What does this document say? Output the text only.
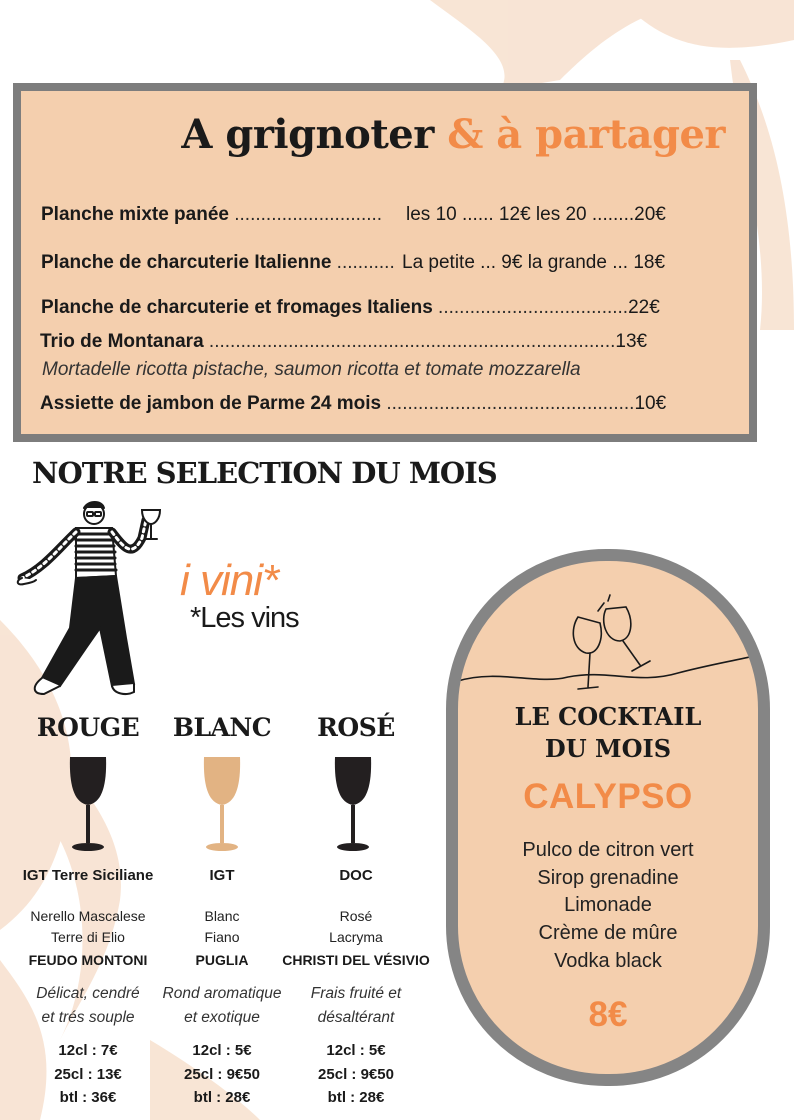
A grignoter & à partager
Planche mixte panée ............................ les 10 ...... 12€ les 20 ........20€
Planche de charcuterie Italienne ........... La petite ... 9€ la grande ... 18€
Planche de charcuterie et fromages Italiens ....................................22€
Trio de Montanara .............................................................................13€
Mortadelle ricotta pistache, saumon ricotta et tomate mozzarella
Assiette de jambon de Parme 24 mois ...............................................10€
NOTRE SELECTION DU MOIS
i vini*
*Les vins
ROUGE
IGT Terre Siciliane
Nerello Mascalese
Terre di Elio
FEUDO MONTONI
Délicat, cendré
et trés souple
12cl : 7€
25cl : 13€
btl : 36€
BLANC
IGT
Blanc
Fiano
PUGLIA
Rond aromatique
et exotique
12cl : 5€
25cl : 9€50
btl : 28€
ROSÉ
DOC
Rosé
Lacryma
CHRISTI DEL VÉSIVIO
Frais fruité et
désaltérant
12cl : 5€
25cl : 9€50
btl : 28€
LE COCKTAIL
DU MOIS
CALYPSO
Pulco de citron vert
Sirop grenadine
Limonade
Crème de mûre
Vodka black
8€
